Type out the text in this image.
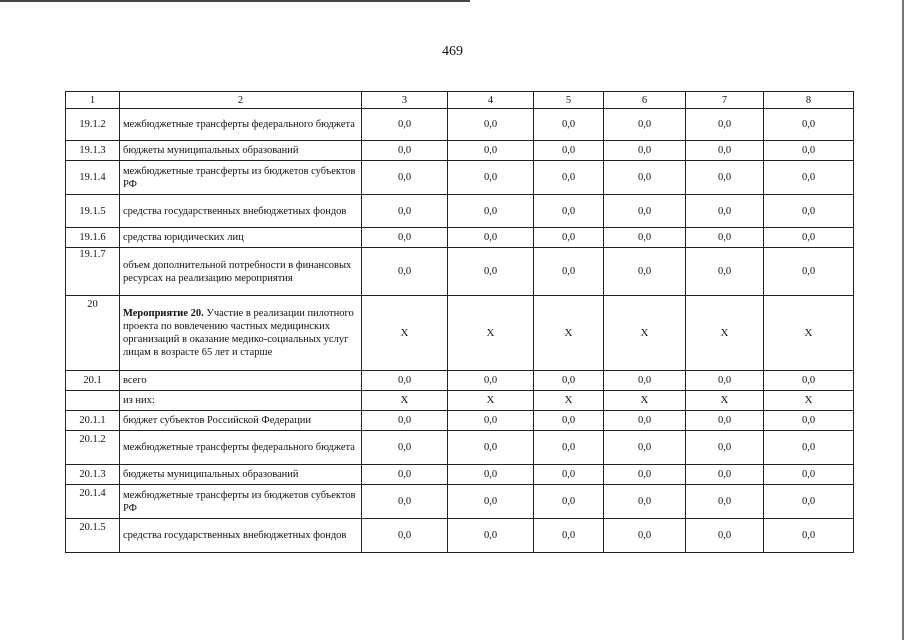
469
1	2	3	4	5	6	7	8
19.1.2	межбюджетные трансферты федерального бюджета	0,0	0,0	0,0	0,0	0,0	0,0
19.1.3	бюджеты муниципальных образований	0,0	0,0	0,0	0,0	0,0	0,0
19.1.4	межбюджетные трансферты из бюджетов субъектов РФ	0,0	0,0	0,0	0,0	0,0	0,0
19.1.5	средства государственных внебюджетных фондов	0,0	0,0	0,0	0,0	0,0	0,0
19.1.6	средства юридических лиц	0,0	0,0	0,0	0,0	0,0	0,0
19.1.7	объем дополнительной потребности в финансовых ресурсах на реализацию мероприятия	0,0	0,0	0,0	0,0	0,0	0,0
20	Мероприятие 20. Участие в реализации пилотного проекта по вовлечению частных медицинских организаций в оказание медико-социальных услуг лицам в возрасте 65 лет и старше	X	X	X	X	X	X
20.1	всего	0,0	0,0	0,0	0,0	0,0	0,0
	из них:	X	X	X	X	X	X
20.1.1	бюджет субъектов Российской Федерации	0,0	0,0	0,0	0,0	0,0	0,0
20.1.2	межбюджетные трансферты федерального бюджета	0,0	0,0	0,0	0,0	0,0	0,0
20.1.3	бюджеты муниципальных образований	0,0	0,0	0,0	0,0	0,0	0,0
20.1.4	межбюджетные трансферты из бюджетов субъектов РФ	0,0	0,0	0,0	0,0	0,0	0,0
20.1.5	средства государственных внебюджетных фондов	0,0	0,0	0,0	0,0	0,0	0,0
